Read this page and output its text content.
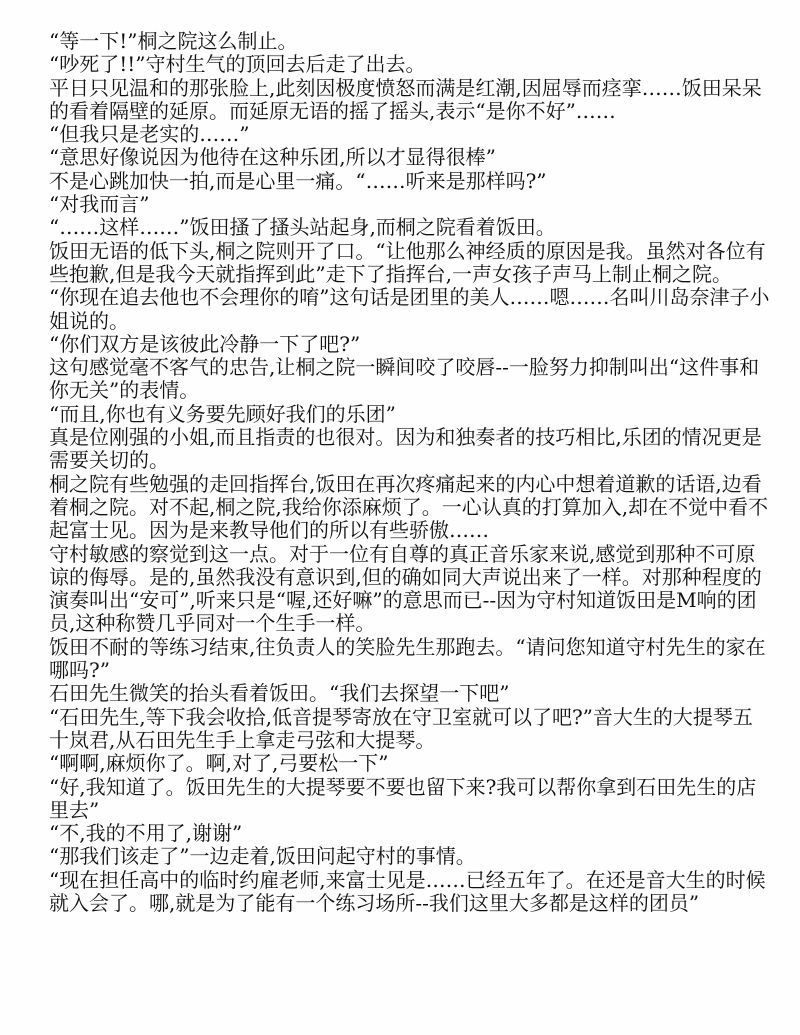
“等一下!”桐之院这么制止。

“吵死了!!”守村生气的顶回去后走了出去。

平日只见温和的那张脸上,此刻因极度愤怒而满是红潮,因屈辱而痉挛……饭田呆呆的看着隔壁的延原。而延原无语的摇了摇头,表示“是你不好”……

“但我只是老实的……”

“意思好像说因为他待在这种乐团,所以才显得很棒”

不是心跳加快一拍,而是心里一痛。“……听来是那样吗?”

“对我而言”

“……这样……”饭田搔了搔头站起身,而桐之院看着饭田。

饭田无语的低下头,桐之院则开了口。“让他那么神经质的原因是我。虽然对各位有些抱歉,但是我今天就指挥到此”走下了指挥台,一声女孩子声马上制止桐之院。

“你现在追去他也不会理你的唷”这句话是团里的美人……嗯……名叫川岛奈津子小姐说的。

“你们双方是该彼此冷静一下了吧?”

这句感觉毫不客气的忠告,让桐之院一瞬间咬了咬唇--一脸努力抑制叫出“这件事和你无关”的表情。

“而且,你也有义务要先顾好我们的乐团”

真是位刚强的小姐,而且指责的也很对。因为和独奏者的技巧相比,乐团的情况更是需要关切的。

桐之院有些勉强的走回指挥台,饭田在再次疼痛起来的内心中想着道歉的话语,边看着桐之院。对不起,桐之院,我给你添麻烦了。一心认真的打算加入,却在不觉中看不起富士见。因为是来教导他们的所以有些骄傲……

守村敏感的察觉到这一点。对于一位有自尊的真正音乐家来说,感觉到那种不可原谅的侮辱。是的,虽然我没有意识到,但的确如同大声说出来了一样。对那种程度的演奏叫出“安可”,听来只是“喔,还好嘛”的意思而已--因为守村知道饭田是M响的团员,这种称赞几乎同对一个生手一样。

饭田不耐的等练习结束,往负责人的笑脸先生那跑去。“请问您知道守村先生的家在哪吗?”

石田先生微笑的抬头看着饭田。“我们去探望一下吧”

“石田先生,等下我会收拾,低音提琴寄放在守卫室就可以了吧?”音大生的大提琴五十岚君,从石田先生手上拿走弓弦和大提琴。

“啊啊,麻烦你了。啊,对了,弓要松一下”

“好,我知道了。饭田先生的大提琴要不要也留下来?我可以帮你拿到石田先生的店里去”

“不,我的不用了,谢谢”

“那我们该走了”一边走着,饭田问起守村的事情。

“现在担任高中的临时约雇老师,来富士见是……已经五年了。在还是音大生的时候就入会了。哪,就是为了能有一个练习场所--我们这里大多都是这样的团员”
